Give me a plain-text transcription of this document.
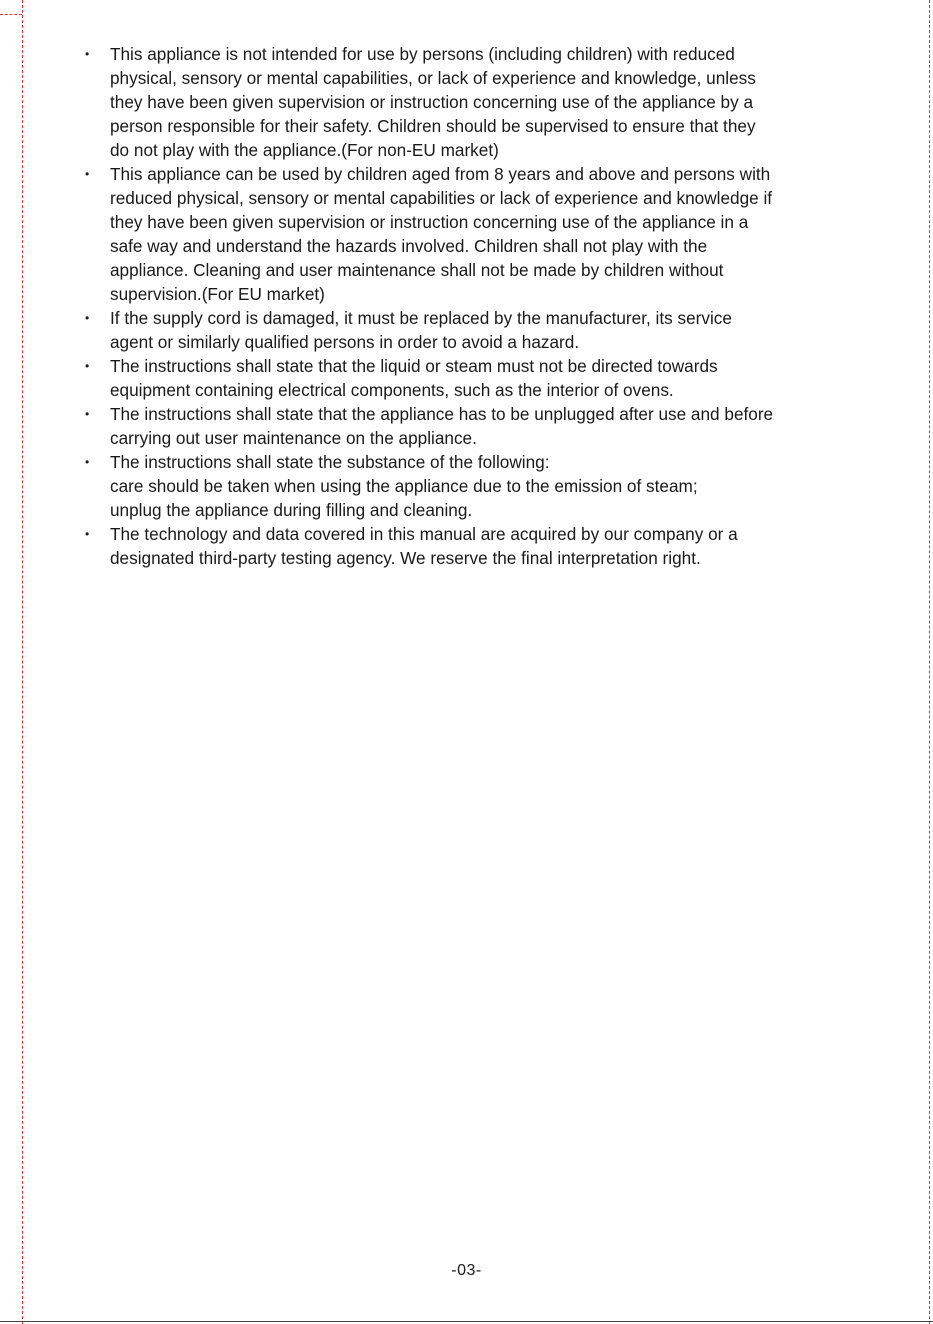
• This appliance is not intended for use by persons (including children) with reduced
physical, sensory or mental capabilities, or lack of experience and knowledge, unless
they have been given supervision or instruction concerning use of the appliance by a
person responsible for their safety. Children should be supervised to ensure that they
do not play with the appliance.(For non-EU market)
• This appliance can be used by children aged from 8 years and above and persons with
reduced physical, sensory or mental capabilities or lack of experience and knowledge if
they have been given supervision or instruction concerning use of the appliance in a
safe way and understand the hazards involved. Children shall not play with the
appliance. Cleaning and user maintenance shall not be made by children without
supervision.(For EU market)
• If the supply cord is damaged, it must be replaced by the manufacturer, its service
agent or similarly qualified persons in order to avoid a hazard.
• The instructions shall state that the liquid or steam must not be directed towards
equipment containing electrical components, such as the interior of ovens.
• The instructions shall state that the appliance has to be unplugged after use and before
carrying out user maintenance on the appliance.
• The instructions shall state the substance of the following:
care should be taken when using the appliance due to the emission of steam;
unplug the appliance during filling and cleaning.
• The technology and data covered in this manual are acquired by our company or a
designated third-party testing agency. We reserve the final interpretation right.
-03-
